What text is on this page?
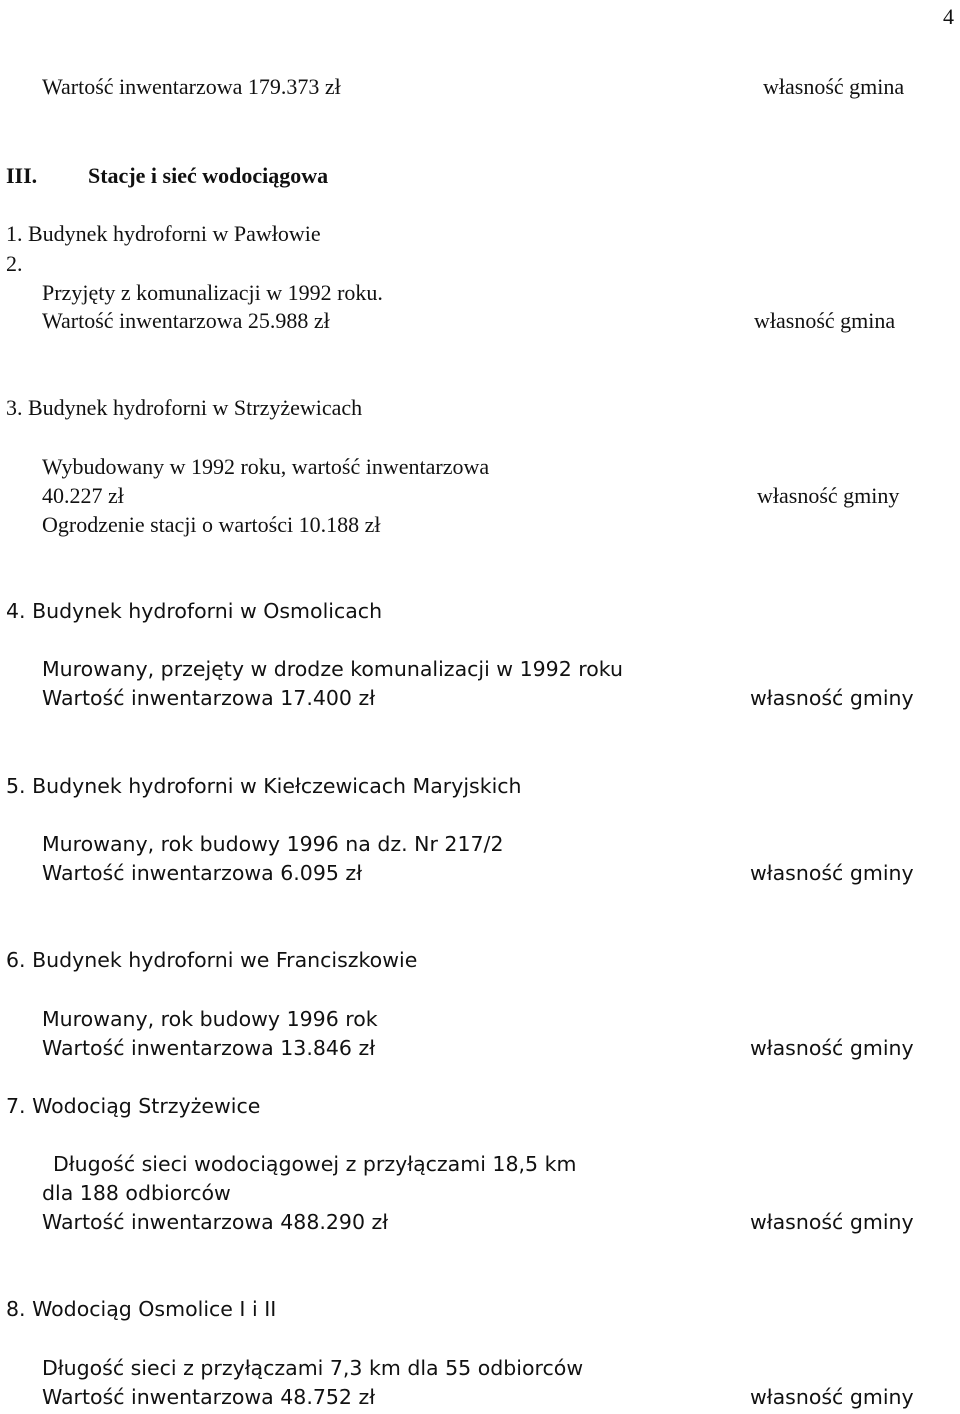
4
Wartość inwentarzowa 179.373 zł	własność gmina
III. Stacje i sieć wodociągowa
1. Budynek hydroforni w Pawłowie
2.
Przyjęty z komunalizacji w 1992 roku.
Wartość inwentarzowa 25.988 zł	własność gmina
3. Budynek hydroforni w Strzyżewicach
Wybudowany w 1992 roku, wartość inwentarzowa
40.227 zł	własność gminy
Ogrodzenie stacji o wartości 10.188 zł
4. Budynek hydroforni w Osmolicach
Murowany, przejęty w drodze komunalizacji w 1992 roku
Wartość inwentarzowa 17.400 zł	własność gminy
5. Budynek hydroforni w Kiełczewicach Maryjskich
Murowany, rok budowy 1996 na dz. Nr 217/2
Wartość inwentarzowa 6.095 zł	własność gminy
6. Budynek hydroforni we Franciszkowie
Murowany, rok budowy 1996 rok
Wartość inwentarzowa 13.846 zł	własność gminy
7. Wodociąg Strzyżewice
Długość sieci wodociągowej z przyłączami 18,5 km
dla 188 odbiorców
Wartość inwentarzowa 488.290 zł	własność gminy
8. Wodociąg Osmolice I i II
Długość sieci z przyłączami 7,3 km dla 55 odbiorców
Wartość inwentarzowa 48.752 zł	własność gminy
